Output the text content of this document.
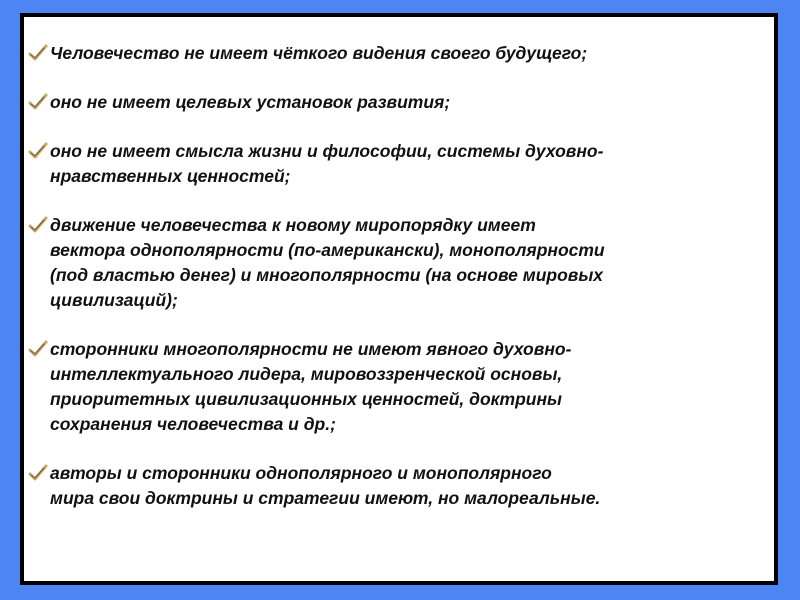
Человечество не имеет чёткого видения своего будущего;
оно не имеет целевых установок развития;
оно не имеет смысла жизни и философии, системы духовно-
нравственных ценностей;
движение человечества к новому миропорядку имеет
вектора однополярности (по-американски), монополярности
(под властью денег) и многополярности (на основе мировых
цивилизаций);
сторонники многополярности не имеют явного духовно-
интеллектуального лидера, мировоззренческой основы,
приоритетных цивилизационных ценностей, доктрины
сохранения человечества и др.;
авторы и сторонники однополярного и монополярного
мира свои доктрины и стратегии имеют, но малореальные.
